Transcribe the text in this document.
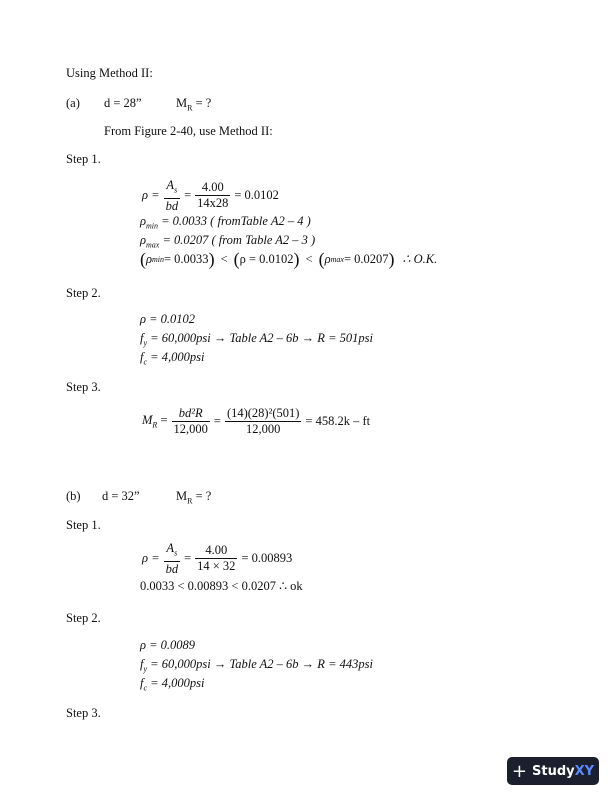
Using Method II:
(a) d = 28”	$M_R$ = ?
From Figure 2-40, use Method II:
Step 1.
$\rho = \frac{A_s}{bd} = \frac{4.00}{14x28} = 0.0102$
$\rho_{min} = 0.0033$ ( fromTable A2 – 4 )
$\rho_{max} = 0.0207$ ( from Table A2 – 3 )
( ρ min = 0.0033 ) < ( ρ = 0.0102 ) < ( ρ max = 0.0207 ) ∴ O.K.
Step 2.
ρ = 0.0102
$f_y = 60,000psi$ → Table A2 – 6b → R = 501psi
$f_c = 4,000psi$
Step 3.
$M_R = \frac{\text{bd²R}}{12,000} = \frac{\text{(14)(28)²(501)}}{12,000} = 458.2k$ – ft
(b) d = 32”	$M_R$ = ?
Step 1.
$\rho = \frac{A_s}{bd} = \frac{4.00}{14 \times 32} = 0.00893$
0.0033 < 0.00893 < 0.0207 ∴ ok
Step 2.
ρ = 0.0089
$f_y = 60,000psi$ → Table A2 – 6b → R = 443psi
$f_c = 4,000psi$
Step 3.
+ Study XY
